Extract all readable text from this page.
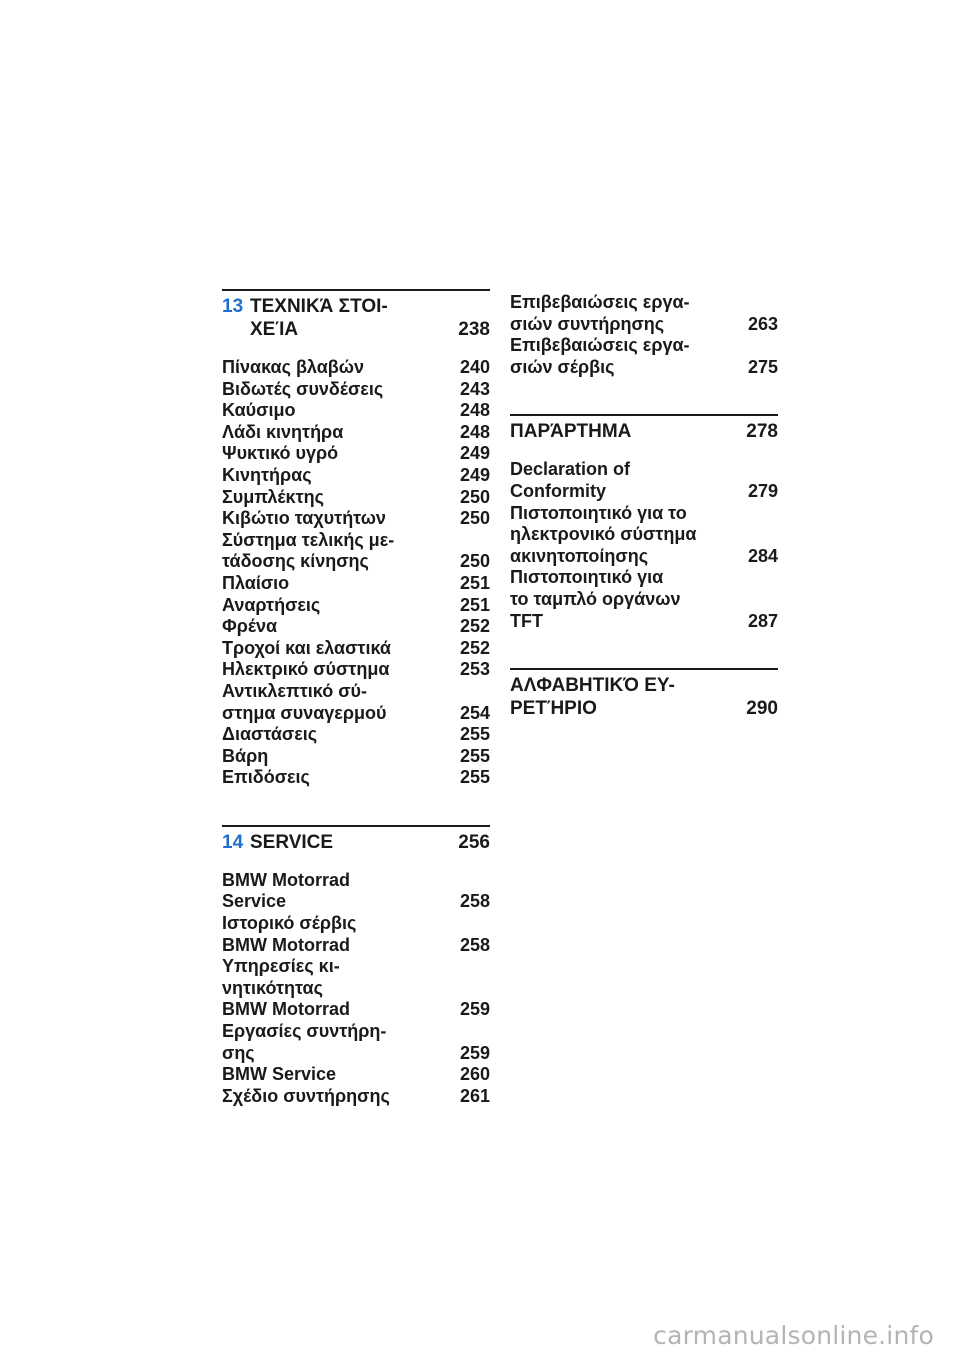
13 ΤΕΧΝΙΚΆ ΣΤΟΙ-
ΧΕΊΑ	238
Πίνακας βλαβών	240
Βιδωτές συνδέσεις	243
Καύσιμο	248
Λάδι κινητήρα	248
Ψυκτικό υγρό	249
Κινητήρας	249
Συμπλέκτης	250
Κιβώτιο ταχυτήτων	250
Σύστημα τελικής με-
τάδοσης κίνησης	250
Πλαίσιο	251
Αναρτήσεις	251
Φρένα	252
Τροχοί και ελαστικά	252
Ηλεκτρικό σύστημα	253
Αντικλεπτικό σύ-
στημα συναγερμού	254
Διαστάσεις	255
Βάρη	255
Επιδόσεις	255
14 SERVICE	256
BMW Motorrad
Service	258
Ιστορικό σέρβις
BMW Motorrad	258
Υπηρεσίες κι-
νητικότητας
BMW Motorrad	259
Εργασίες συντήρη-
σης	259
BMW Service	260
Σχέδιο συντήρησης	261
Επιβεβαιώσεις εργα-
σιών συντήρησης	263
Επιβεβαιώσεις εργα-
σιών σέρβις	275
ΠΑΡΆΡΤΗΜΑ	278
Declaration of
Conformity	279
Πιστοποιητικό για το
ηλεκτρονικό σύστημα
ακινητοποίησης	284
Πιστοποιητικό για
το ταμπλό οργάνων
TFT	287
ΑΛΦΑΒΗΤΙΚΌ ΕΥ-
ΡΕΤΉΡΙΟ	290
carmanualsonline.info
